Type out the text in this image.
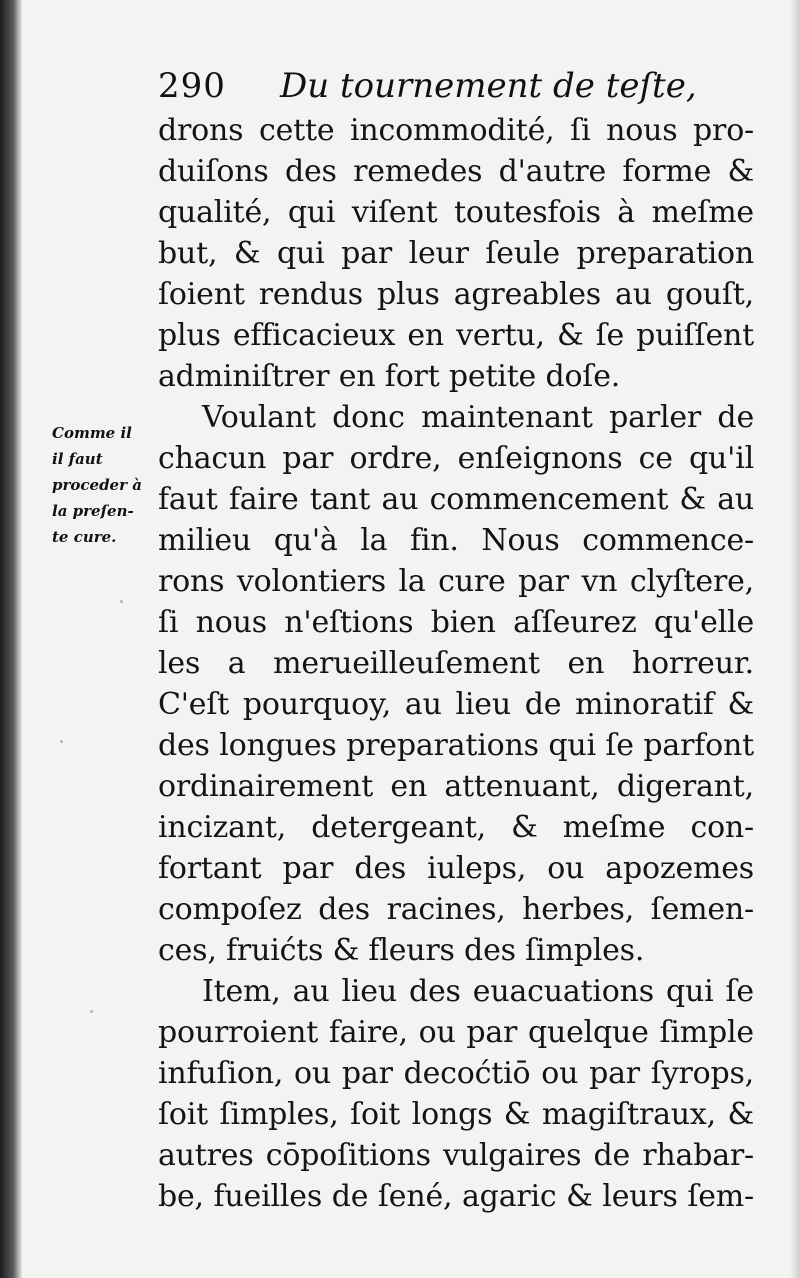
290 Du tournement de teſte,
Comme il
il faut
proceder à
la preſen-
te cure.
drons cette incommodité, ſi nous pro-
duiſons des remedes d'autre forme &
qualité, qui viſent toutesfois à meſme
but, & qui par leur ſeule preparation
ſoient rendus plus agreables au gouſt,
plus efficacieux en vertu, & ſe puiſſent
adminiſtrer en fort petite doſe.
Voulant donc maintenant parler de
chacun par ordre, enſeignons ce qu'il
faut faire tant au commencement & au
milieu qu'à la fin. Nous commence-
rons volontiers la cure par vn clyſtere,
ſi nous n'eſtions bien aſſeurez qu'elle
les a merueilleuſement en horreur.
C'eſt pourquoy, au lieu de minoratif &
des longues preparations qui ſe parfont
ordinairement en attenuant, digerant,
incizant, detergeant, & meſme con-
fortant par des iuleps, ou apozemes
compoſez des racines, herbes, ſemen-
ces, fruićts & fleurs des ſimples.
Item, au lieu des euacuations qui ſe
pourroient faire, ou par quelque ſimple
infuſion, ou par decoćtiō ou par ſyrops,
ſoit ſimples, ſoit longs & magiſtraux, &
autres cōpoſitions vulgaires de rhabar-
be, fueilles de ſené, agaric & leurs ſem-
